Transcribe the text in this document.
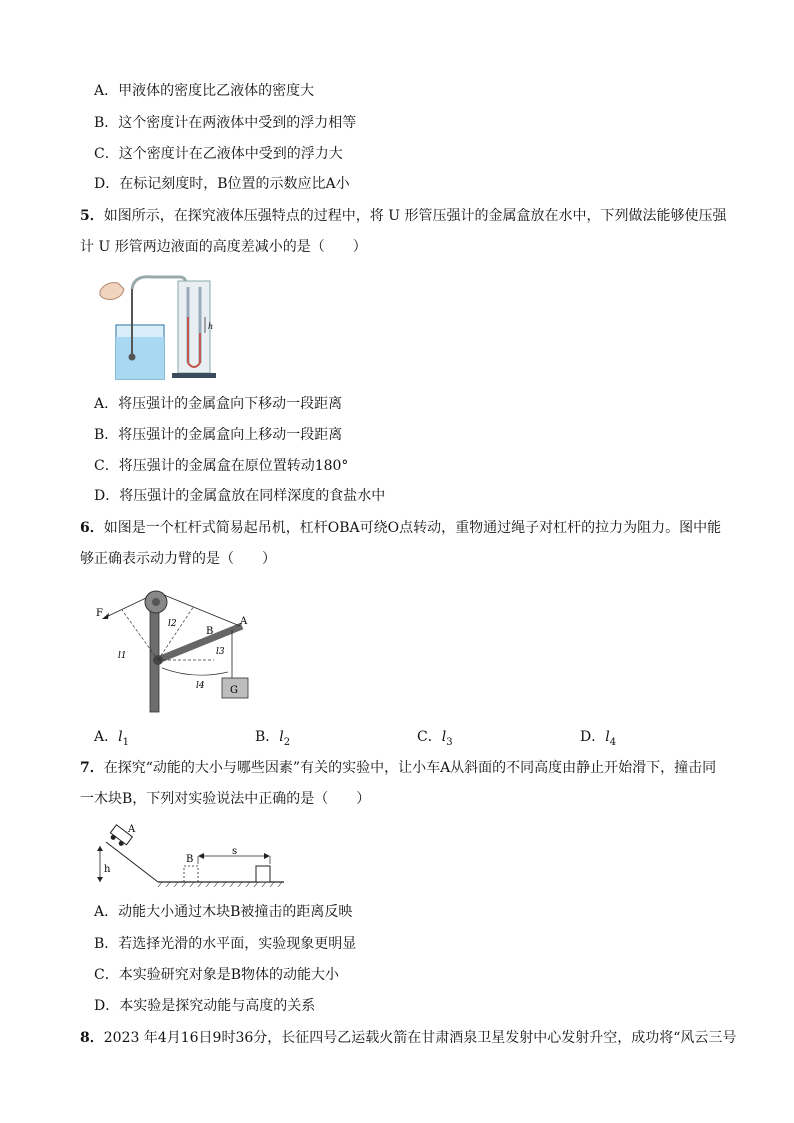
A．甲液体的密度比乙液体的密度大
B．这个密度计在两液体中受到的浮力相等
C．这个密度计在乙液体中受到的浮力大
D．在标记刻度时，B位置的示数应比A小
5．如图所示，在探究液体压强特点的过程中，将 U 形管压强计的金属盒放在水中，下列做法能够使压强
计 U 形管两边液面的高度差减小的是（　　）
h
A．将压强计的金属盒向下移动一段距离
B．将压强计的金属盒向上移动一段距离
C．将压强计的金属盒在原位置转动180°
D．将压强计的金属盒放在同样深度的食盐水中
6．如图是一个杠杆式简易起吊机，杠杆OBA可绕O点转动，重物通过绳子对杠杆的拉力为阻力。图中能
够正确表示动力臂的是（　　）
F
G
A
B
l1
l2
l3
l4
A．$l_1$	B．$l_2$	C．$l_3$	D．$l_4$
7．在探究“动能的大小与哪些因素”有关的实验中，让小车A从斜面的不同高度由静止开始滑下，撞击同
一木块B，下列对实验说法中正确的是（　　）
A
h
B
s
A．动能大小通过木块B被撞击的距离反映
B．若选择光滑的水平面，实验现象更明显
C．本实验研究对象是B物体的动能大小
D．本实验是探究动能与高度的关系
8．2023 年4月16日9时36分，长征四号乙运载火箭在甘肃酒泉卫星发射中心发射升空，成功将“风云三号
